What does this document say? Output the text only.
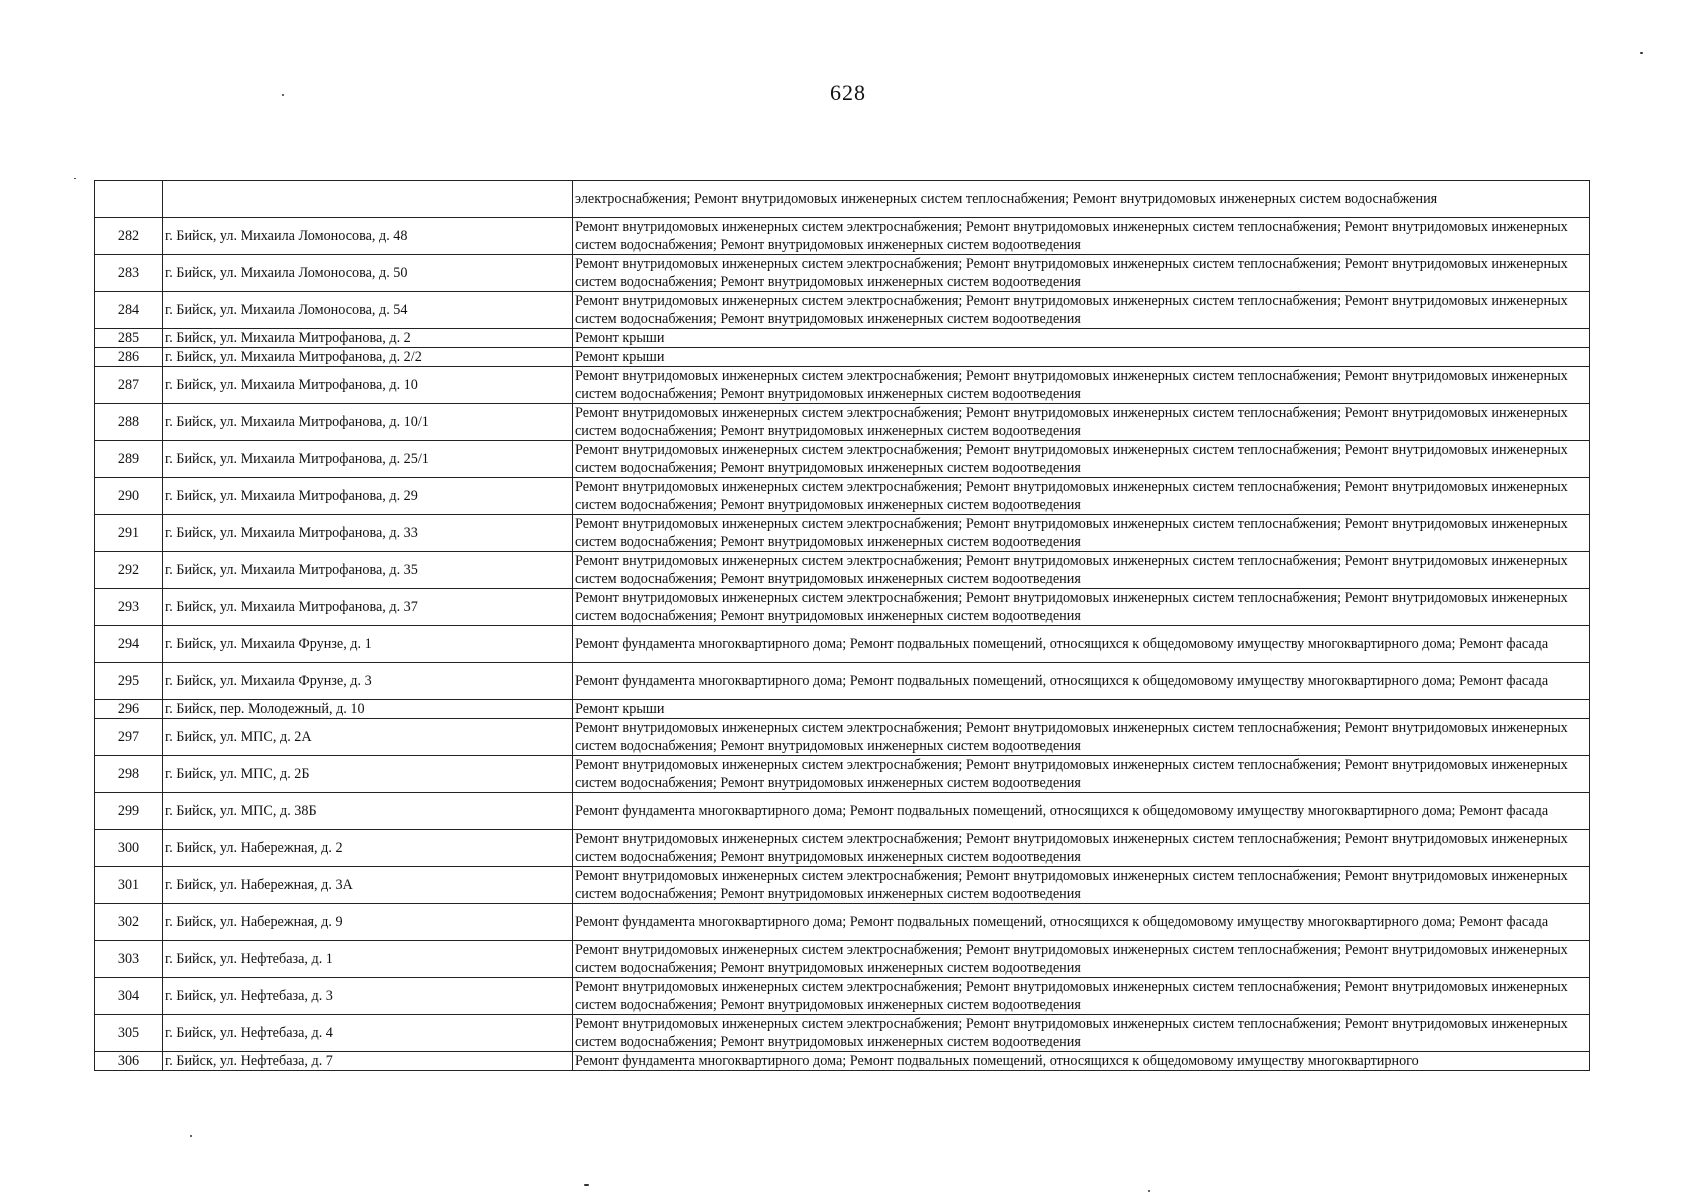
628
		электроснабжения; Ремонт внутридомовых инженерных систем теплоснабжения; Ремонт внутридомовых инженерных систем водоснабжения
282	г. Бийск, ул. Михаила Ломоносова, д. 48	Ремонт внутридомовых инженерных систем электроснабжения; Ремонт внутридомовых инженерных систем теплоснабжения; Ремонт внутридомовых инженерных систем водоснабжения; Ремонт внутридомовых инженерных систем водоотведения
283	г. Бийск, ул. Михаила Ломоносова, д. 50	Ремонт внутридомовых инженерных систем электроснабжения; Ремонт внутридомовых инженерных систем теплоснабжения; Ремонт внутридомовых инженерных систем водоснабжения; Ремонт внутридомовых инженерных систем водоотведения
284	г. Бийск, ул. Михаила Ломоносова, д. 54	Ремонт внутридомовых инженерных систем электроснабжения; Ремонт внутридомовых инженерных систем теплоснабжения; Ремонт внутридомовых инженерных систем водоснабжения; Ремонт внутридомовых инженерных систем водоотведения
285	г. Бийск, ул. Михаила Митрофанова, д. 2	Ремонт крыши
286	г. Бийск, ул. Михаила Митрофанова, д. 2/2	Ремонт крыши
287	г. Бийск, ул. Михаила Митрофанова, д. 10	Ремонт внутридомовых инженерных систем электроснабжения; Ремонт внутридомовых инженерных систем теплоснабжения; Ремонт внутридомовых инженерных систем водоснабжения; Ремонт внутридомовых инженерных систем водоотведения
288	г. Бийск, ул. Михаила Митрофанова, д. 10/1	Ремонт внутридомовых инженерных систем электроснабжения; Ремонт внутридомовых инженерных систем теплоснабжения; Ремонт внутридомовых инженерных систем водоснабжения; Ремонт внутридомовых инженерных систем водоотведения
289	г. Бийск, ул. Михаила Митрофанова, д. 25/1	Ремонт внутридомовых инженерных систем электроснабжения; Ремонт внутридомовых инженерных систем теплоснабжения; Ремонт внутридомовых инженерных систем водоснабжения; Ремонт внутридомовых инженерных систем водоотведения
290	г. Бийск, ул. Михаила Митрофанова, д. 29	Ремонт внутридомовых инженерных систем электроснабжения; Ремонт внутридомовых инженерных систем теплоснабжения; Ремонт внутридомовых инженерных систем водоснабжения; Ремонт внутридомовых инженерных систем водоотведения
291	г. Бийск, ул. Михаила Митрофанова, д. 33	Ремонт внутридомовых инженерных систем электроснабжения; Ремонт внутридомовых инженерных систем теплоснабжения; Ремонт внутридомовых инженерных систем водоснабжения; Ремонт внутридомовых инженерных систем водоотведения
292	г. Бийск, ул. Михаила Митрофанова, д. 35	Ремонт внутридомовых инженерных систем электроснабжения; Ремонт внутридомовых инженерных систем теплоснабжения; Ремонт внутридомовых инженерных систем водоснабжения; Ремонт внутридомовых инженерных систем водоотведения
293	г. Бийск, ул. Михаила Митрофанова, д. 37	Ремонт внутридомовых инженерных систем электроснабжения; Ремонт внутридомовых инженерных систем теплоснабжения; Ремонт внутридомовых инженерных систем водоснабжения; Ремонт внутридомовых инженерных систем водоотведения
294	г. Бийск, ул. Михаила Фрунзе, д. 1	Ремонт фундамента многоквартирного дома; Ремонт подвальных помещений, относящихся к общедомовому имуществу многоквартирного дома; Ремонт фасада
295	г. Бийск, ул. Михаила Фрунзе, д. 3	Ремонт фундамента многоквартирного дома; Ремонт подвальных помещений, относящихся к общедомовому имуществу многоквартирного дома; Ремонт фасада
296	г. Бийск, пер. Молодежный, д. 10	Ремонт крыши
297	г. Бийск, ул. МПС, д. 2А	Ремонт внутридомовых инженерных систем электроснабжения; Ремонт внутридомовых инженерных систем теплоснабжения; Ремонт внутридомовых инженерных систем водоснабжения; Ремонт внутридомовых инженерных систем водоотведения
298	г. Бийск, ул. МПС, д. 2Б	Ремонт внутридомовых инженерных систем электроснабжения; Ремонт внутридомовых инженерных систем теплоснабжения; Ремонт внутридомовых инженерных систем водоснабжения; Ремонт внутридомовых инженерных систем водоотведения
299	г. Бийск, ул. МПС, д. 38Б	Ремонт фундамента многоквартирного дома; Ремонт подвальных помещений, относящихся к общедомовому имуществу многоквартирного дома; Ремонт фасада
300	г. Бийск, ул. Набережная, д. 2	Ремонт внутридомовых инженерных систем электроснабжения; Ремонт внутридомовых инженерных систем теплоснабжения; Ремонт внутридомовых инженерных систем водоснабжения; Ремонт внутридомовых инженерных систем водоотведения
301	г. Бийск, ул. Набережная, д. 3А	Ремонт внутридомовых инженерных систем электроснабжения; Ремонт внутридомовых инженерных систем теплоснабжения; Ремонт внутридомовых инженерных систем водоснабжения; Ремонт внутридомовых инженерных систем водоотведения
302	г. Бийск, ул. Набережная, д. 9	Ремонт фундамента многоквартирного дома; Ремонт подвальных помещений, относящихся к общедомовому имуществу многоквартирного дома; Ремонт фасада
303	г. Бийск, ул. Нефтебаза, д. 1	Ремонт внутридомовых инженерных систем электроснабжения; Ремонт внутридомовых инженерных систем теплоснабжения; Ремонт внутридомовых инженерных систем водоснабжения; Ремонт внутридомовых инженерных систем водоотведения
304	г. Бийск, ул. Нефтебаза, д. 3	Ремонт внутридомовых инженерных систем электроснабжения; Ремонт внутридомовых инженерных систем теплоснабжения; Ремонт внутридомовых инженерных систем водоснабжения; Ремонт внутридомовых инженерных систем водоотведения
305	г. Бийск, ул. Нефтебаза, д. 4	Ремонт внутридомовых инженерных систем электроснабжения; Ремонт внутридомовых инженерных систем теплоснабжения; Ремонт внутридомовых инженерных систем водоснабжения; Ремонт внутридомовых инженерных систем водоотведения
306	г. Бийск, ул. Нефтебаза, д. 7	Ремонт фундамента многоквартирного дома; Ремонт подвальных помещений, относящихся к общедомовому имуществу многоквартирного
